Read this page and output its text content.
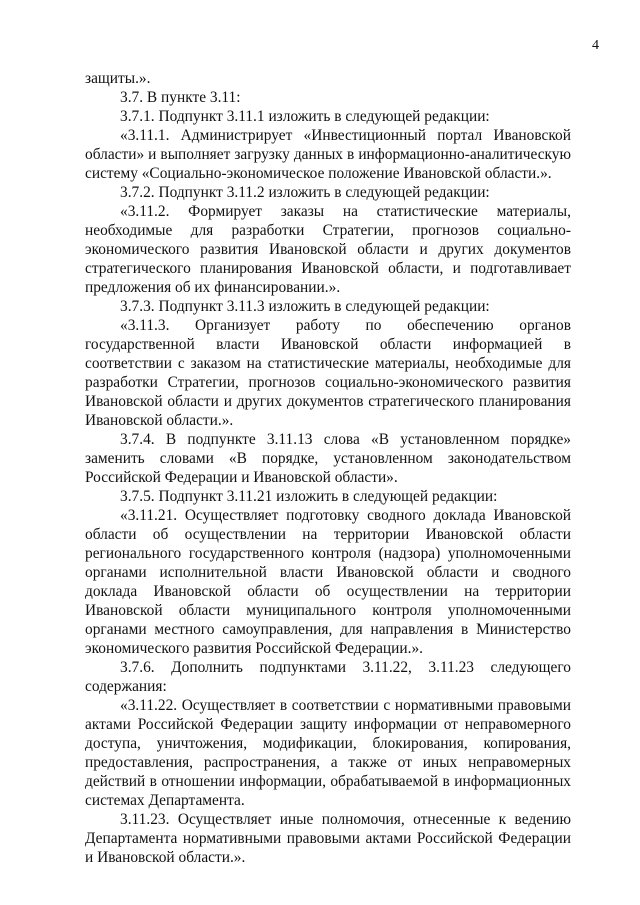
4

защиты.».

3.7. В пункте 3.11:

3.7.1. Подпункт 3.11.1 изложить в следующей редакции:

«3.11.1. Администрирует «Инвестиционный портал Ивановской области» и выполняет загрузку данных в информационно-аналитическую систему «Социально-экономическое положение Ивановской области.».

3.7.2. Подпункт 3.11.2 изложить в следующей редакции:

«3.11.2. Формирует заказы на статистические материалы, необходимые для разработки Стратегии, прогнозов социально-экономического развития Ивановской области и других документов стратегического планирования Ивановской области, и подготавливает предложения об их финансировании.».

3.7.3. Подпункт 3.11.3 изложить в следующей редакции:

«3.11.3. Организует работу по обеспечению органов государственной власти Ивановской области информацией в соответствии с заказом на статистические материалы, необходимые для разработки Стратегии, прогнозов социально-экономического развития Ивановской области и других документов стратегического планирования Ивановской области.».

3.7.4. В подпункте 3.11.13 слова «В установленном порядке» заменить словами «В порядке, установленном законодательством Российской Федерации и Ивановской области».

3.7.5. Подпункт 3.11.21 изложить в следующей редакции:

«3.11.21. Осуществляет подготовку сводного доклада Ивановской области об осуществлении на территории Ивановской области регионального государственного контроля (надзора) уполномоченными органами исполнительной власти Ивановской области и сводного доклада Ивановской области об осуществлении на территории Ивановской области муниципального контроля уполномоченными органами местного самоуправления, для направления в Министерство экономического развития Российской Федерации.».

3.7.6. Дополнить подпунктами 3.11.22, 3.11.23 следующего содержания:

«3.11.22. Осуществляет в соответствии с нормативными правовыми актами Российской Федерации защиту информации от неправомерного доступа, уничтожения, модификации, блокирования, копирования, предоставления, распространения, а также от иных неправомерных действий в отношении информации, обрабатываемой в информационных системах Департамента.

3.11.23. Осуществляет иные полномочия, отнесенные к ведению Департамента нормативными правовыми актами Российской Федерации и Ивановской области.».
